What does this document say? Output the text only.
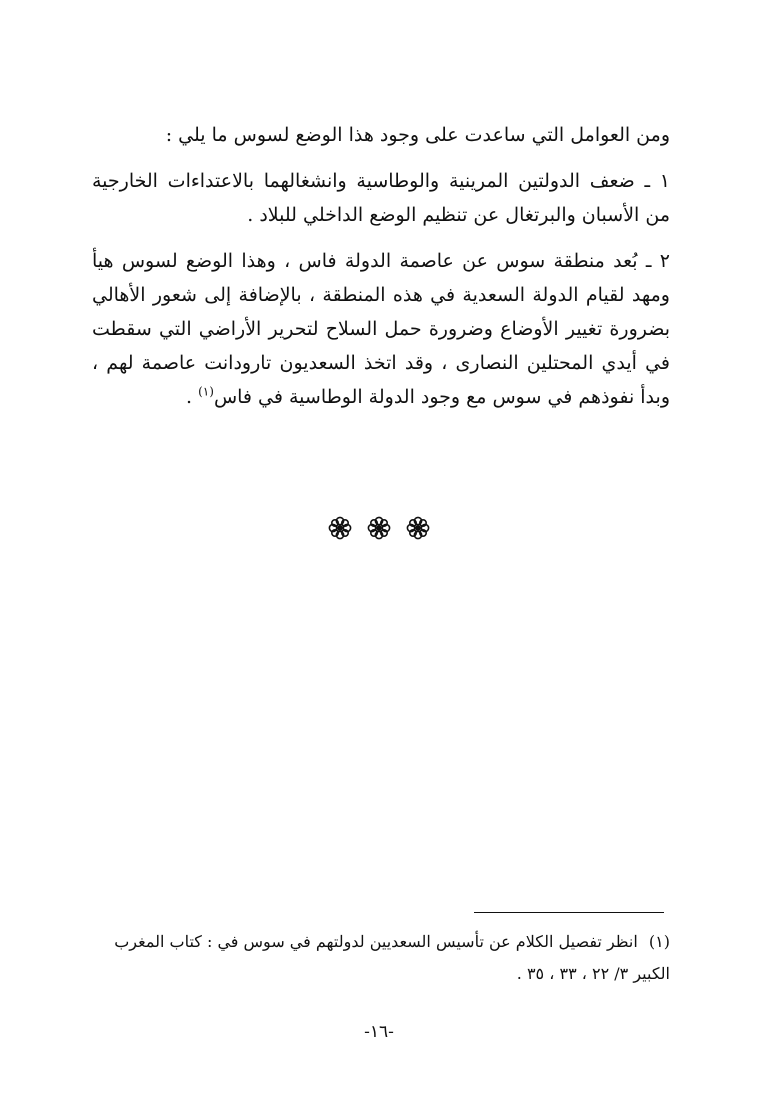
ومن العوامل التي ساعدت على وجود هذا الوضع لسوس ما يلي :

١ ـ ضعف الدولتين المرينية والوطاسية وانشغالهما بالاعتداءات الخارجية من الأسبان والبرتغال عن تنظيم الوضع الداخلي للبلاد .

٢ ـ بُعد منطقة سوس عن عاصمة الدولة فاس ، وهذا الوضع لسوس هيأ ومهد لقيام الدولة السعدية في هذه المنطقة ، بالإضافة إلى شعور الأهالي بضرورة تغيير الأوضاع وضرورة حمل السلاح لتحرير الأراضي التي سقطت في أيدي المحتلين النصارى ، وقد اتخذ السعديون تارودانت عاصمة لهم ، وبدأ نفوذهم في سوس مع وجود الدولة الوطاسية في فاس$^{(١)}$ .

(١) انظر تفصيل الكلام عن تأسيس السعديين لدولتهم في سوس في : كتاب المغرب الكبير ٣/ ٢٢ ، ٣٣ ، ٣٥ .
-١٦-
